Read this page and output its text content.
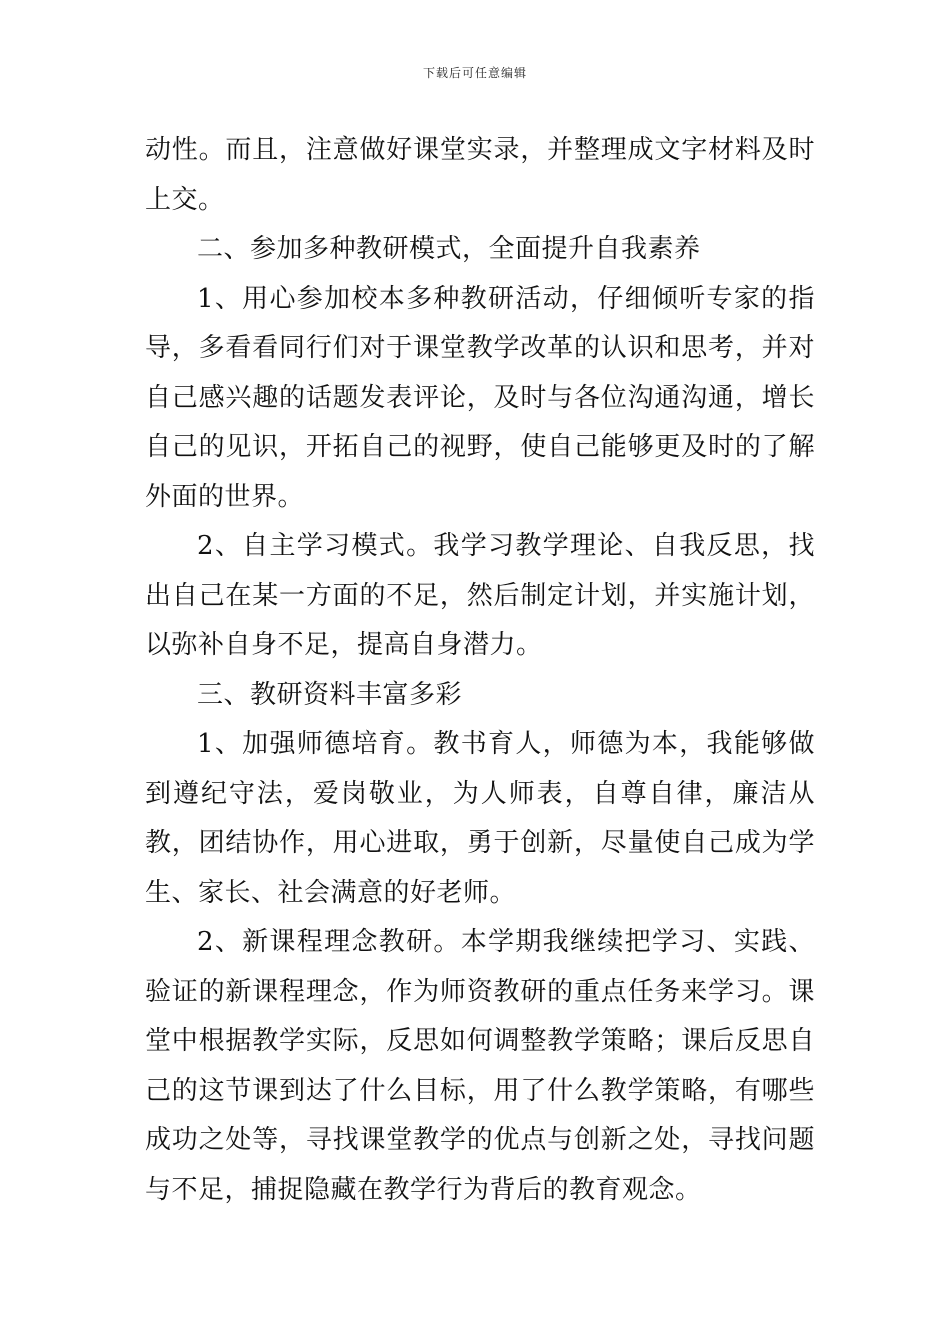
下载后可任意编辑

动性。而且，注意做好课堂实录，并整理成文字材料及时上交。

二、参加多种教研模式，全面提升自我素养

1、用心参加校本多种教研活动，仔细倾听专家的指导，多看看同行们对于课堂教学改革的认识和思考，并对自己感兴趣的话题发表评论，及时与各位沟通沟通，增长自己的见识，开拓自己的视野，使自己能够更及时的了解外面的世界。

2、自主学习模式。我学习教学理论、自我反思，找出自己在某一方面的不足，然后制定计划，并实施计划，以弥补自身不足，提高自身潜力。

三、教研资料丰富多彩

1、加强师德培育。教书育人，师德为本，我能够做到遵纪守法，爱岗敬业，为人师表，自尊自律，廉洁从教，团结协作，用心进取，勇于创新，尽量使自己成为学生、家长、社会满意的好老师。

2、新课程理念教研。本学期我继续把学习、实践、验证的新课程理念，作为师资教研的重点任务来学习。课堂中根据教学实际，反思如何调整教学策略；课后反思自己的这节课到达了什么目标，用了什么教学策略，有哪些成功之处等，寻找课堂教学的优点与创新之处，寻找问题与不足，捕捉隐藏在教学行为背后的教育观念。
